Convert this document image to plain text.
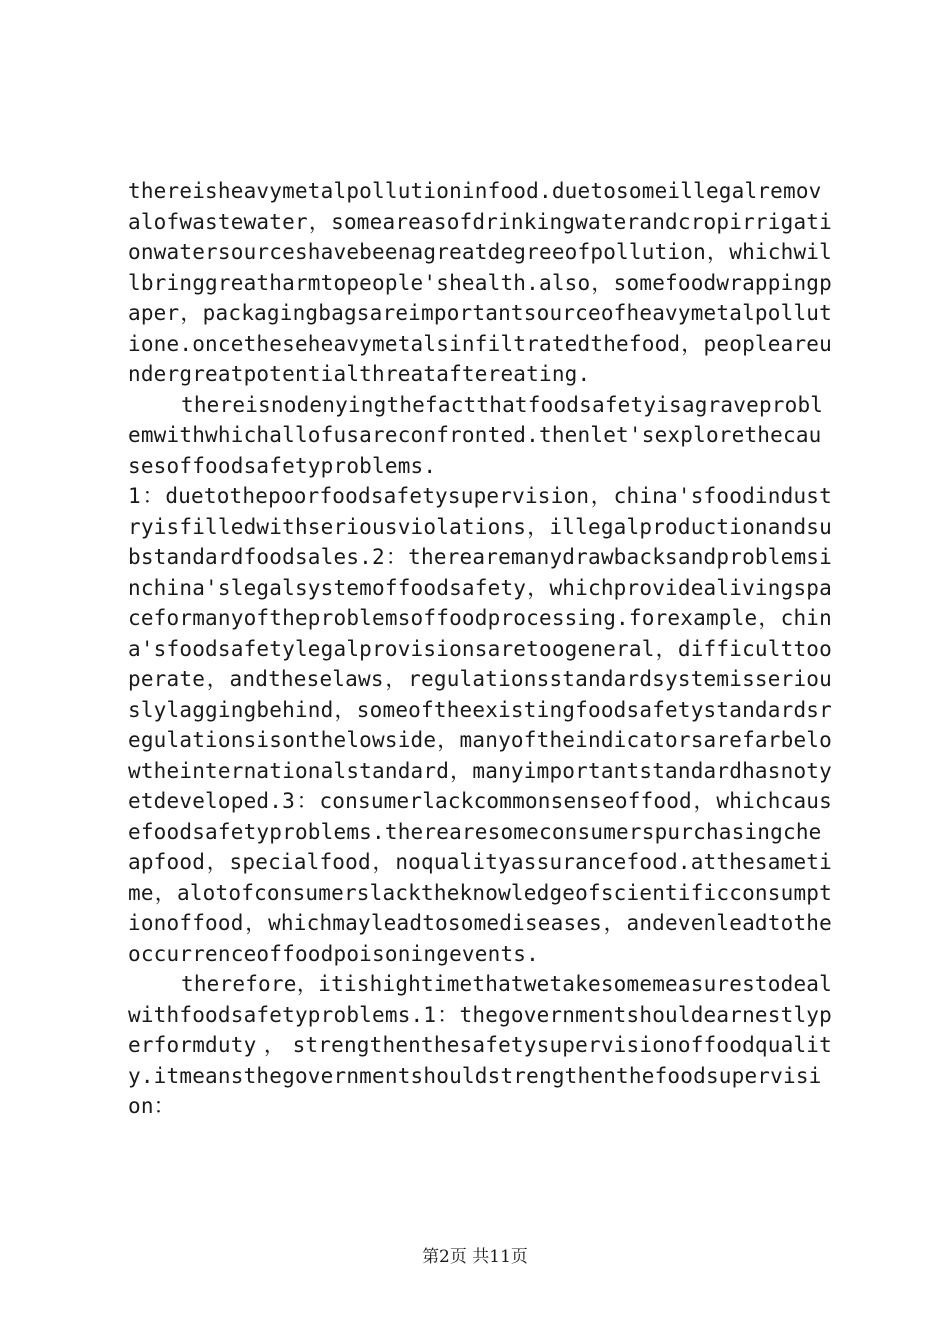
thereisheavymetalpollutioninfood.duetosomeillegalremovalofwastewater，someareasofdrinkingwaterandcropirrigationwatersourceshavebeenagreatdegreeofpollution，whichwillbringgreatharmtopeople'shealth.also，somefoodwrappingpaper，packagingbagsareimportantsourceofheavymetalpollutione.oncetheseheavymetalsinfiltratedthefood，peopleareundergreatpotentialthreataftereating.

thereisnodenyingthefactthatfoodsafetyisagraveproblemwithwhichallofusareconfronted.thenlet'sexplorethecausesoffoodsafetyproblems.

1：duetothepoorfoodsafetysupervision，china'sfoodindustryisfilledwithseriousviolations，illegalproductionandsubstandardfoodsales.2：therearemanydrawbacksandproblemsinchina'slegalsystemoffoodsafety，whichprovidealivingspaceformanyoftheproblemsoffoodprocessing.forexample，china'sfoodsafetylegalprovisionsaretoogeneral，difficulttooperate，andtheselaws，regulationsstandardsystemisseriouslylaggingbehind，someoftheexistingfoodsafetystandardsregulationsisonthelowside，manyoftheindicatorsarefarbelowtheinternationalstandard，manyimportantstandardhasnotyetdeveloped.3：consumerlackcommonsenseoffood，whichcausefoodsafetyproblems.therearesomeconsumerspurchasingcheapfood，specialfood，noqualityassurancefood.atthesametime，alotofconsumerslacktheknowledgeofscientificconsumptionoffood，whichmayleadtosomediseases，andevenleadtotheoccurrenceoffoodpoisoningevents.

therefore，itishightimethatwetakesomemeasurestodealwithfoodsafetyproblems.1：thegovernmentshouldearnestlyperformduty，strengthenthesafetysupervisionoffoodquality.itmeansthegovernmentshouldstrengthenthefoodsupervision：

第2页 共11页
